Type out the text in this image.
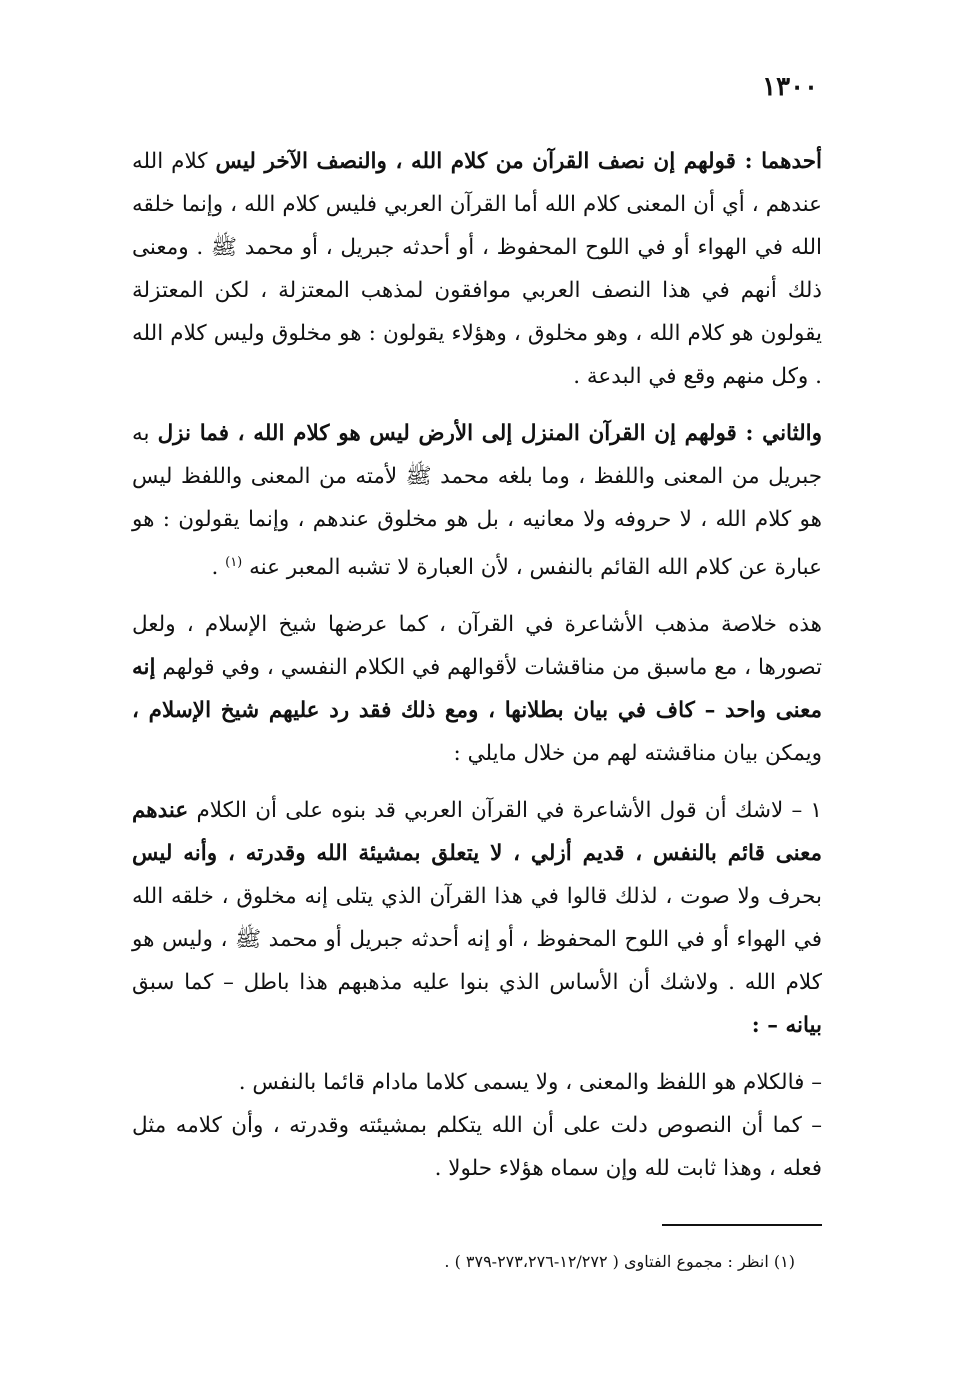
١٣٠٠

أحدهما : قولهم إن نصف القرآن من كلام الله ، والنصف الآخر ليس كلام الله عندهم ، أي أن المعنى كلام الله أما القرآن العربي فليس كلام الله ، وإنما خلقه الله في الهواء أو في اللوح المحفوظ ، أو أحدثه جبريل ، أو محمد ﷺ . ومعنى ذلك أنهم في هذا النصف العربي موافقون لمذهب المعتزلة ، لكن المعتزلة يقولون هو كلام الله ، وهو مخلوق ، وهؤلاء يقولون : هو مخلوق وليس كلام الله . وكل منهم وقع في البدعة .

والثاني : قولهم إن القرآن المنزل إلى الأرض ليس هو كلام الله ، فما نزل به جبريل من المعنى واللفظ ، وما بلغه محمد ﷺ لأمته من المعنى واللفظ ليس هو كلام الله ، لا حروفه ولا معانيه ، بل هو مخلوق عندهم ، وإنما يقولون : هو عبارة عن كلام الله القائم بالنفس ، لأن العبارة لا تشبه المعبر عنه $^{(١)}$ .

هذه خلاصة مذهب الأشاعرة في القرآن ، كما عرضها شيخ الإسلام ، ولعل تصورها ، مع ماسبق من مناقشات لأقوالهم في الكلام النفسي ، وفي قولهم إنه معنى واحد – كاف في بيان بطلانها ، ومع ذلك فقد رد عليهم شيخ الإسلام ، ويمكن بيان مناقشته لهم من خلال مايلي :

١ – لاشك أن قول الأشاعرة في القرآن العربي قد بنوه على أن الكلام عندهم معنى قائم بالنفس ، قديم أزلي ، لا يتعلق بمشيئة الله وقدرته ، وأنه ليس بحرف ولا صوت ، لذلك قالوا في هذا القرآن الذي يتلى إنه مخلوق ، خلقه الله في الهواء أو في اللوح المحفوظ ، أو إنه أحدثه جبريل أو محمد ﷺ ، وليس هو كلام الله . ولاشك أن الأساس الذي بنوا عليه مذهبهم هذا باطل – كما سبق بيانه – :

– فالكلام هو اللفظ والمعنى ، ولا يسمى كلاما مادام قائما بالنفس .

– كما أن النصوص دلت على أن الله يتكلم بمشيئته وقدرته ، وأن كلامه مثل فعله ، وهذا ثابت لله وإن سماه هؤلاء حلولا .

(١) انظر : مجموع الفتاوى ( ١٢/٢٧٢-٢٧٣،٢٧٦-٣٧٩ ) .
